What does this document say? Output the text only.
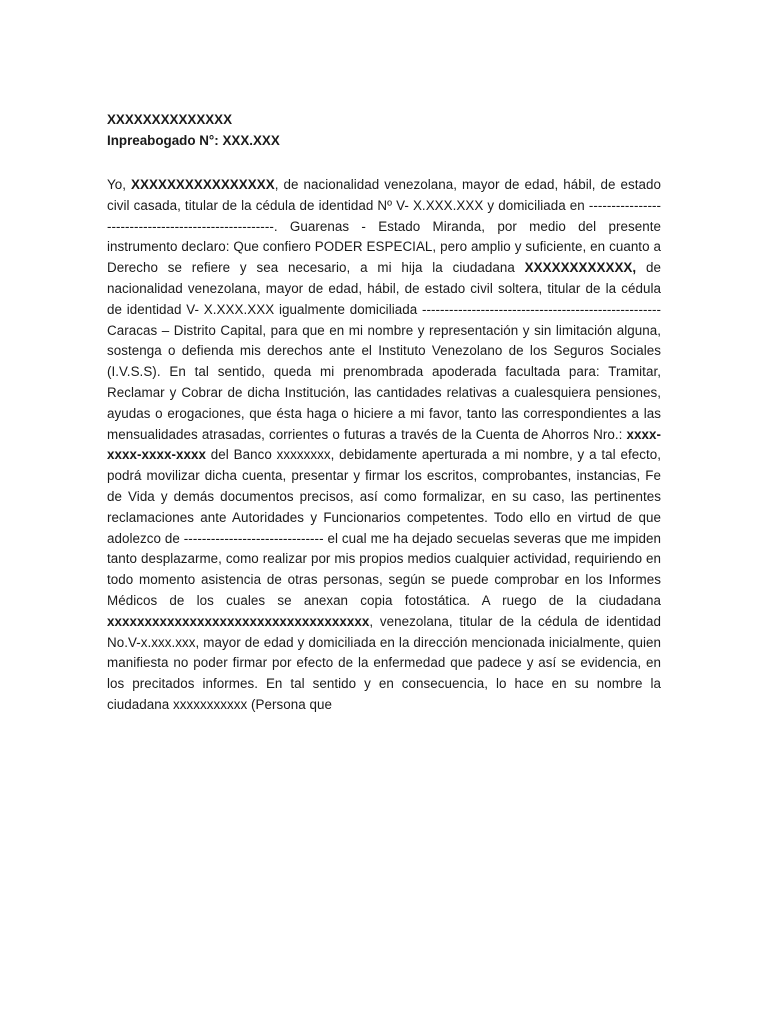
XXXXXXXXXXXXXX

Inpreabogado N°: XXX.XXX

Yo, XXXXXXXXXXXXXXXX, de nacionalidad venezolana, mayor de edad, hábil, de estado civil casada, titular de la cédula de identidad Nº V- X.XXX.XXX y domiciliada en -----------------------------------------------------. Guarenas - Estado Miranda, por medio del presente instrumento declaro: Que confiero PODER ESPECIAL, pero amplio y suficiente, en cuanto a Derecho se refiere y sea necesario, a mi hija la ciudadana XXXXXXXXXXXX, de nacionalidad venezolana, mayor de edad, hábil, de estado civil soltera, titular de la cédula de identidad V- X.XXX.XXX igualmente domiciliada ----------------------------------------------------- Caracas – Distrito Capital, para que en mi nombre y representación y sin limitación alguna, sostenga o defienda mis derechos ante el Instituto Venezolano de los Seguros Sociales (I.V.S.S). En tal sentido, queda mi prenombrada apoderada facultada para: Tramitar, Reclamar y Cobrar de dicha Institución, las cantidades relativas a cualesquiera pensiones, ayudas o erogaciones, que ésta haga o hiciere a mi favor, tanto las correspondientes a las mensualidades atrasadas, corrientes o futuras a través de la Cuenta de Ahorros Nro.: xxxx-xxxx-xxxx-xxxx del Banco xxxxxxxx, debidamente aperturada a mi nombre, y a tal efecto, podrá movilizar dicha cuenta, presentar y firmar los escritos, comprobantes, instancias, Fe de Vida y demás documentos precisos, así como formalizar, en su caso, las pertinentes reclamaciones ante Autoridades y Funcionarios competentes. Todo ello en virtud de que adolezco de ------------------------------- el cual me ha dejado secuelas severas que me impiden tanto desplazarme, como realizar por mis propios medios cualquier actividad, requiriendo en todo momento asistencia de otras personas, según se puede comprobar en los Informes Médicos de los cuales se anexan copia fotostática. A ruego de la ciudadana xxxxxxxxxxxxxxxxxxxxxxxxxxxxxxxxxxx, venezolana, titular de la cédula de identidad No.V-x.xxx.xxx, mayor de edad y domiciliada en la dirección mencionada inicialmente, quien manifiesta no poder firmar por efecto de la enfermedad que padece y así se evidencia, en los precitados informes. En tal sentido y en consecuencia, lo hace en su nombre la ciudadana xxxxxxxxxxx (Persona que
